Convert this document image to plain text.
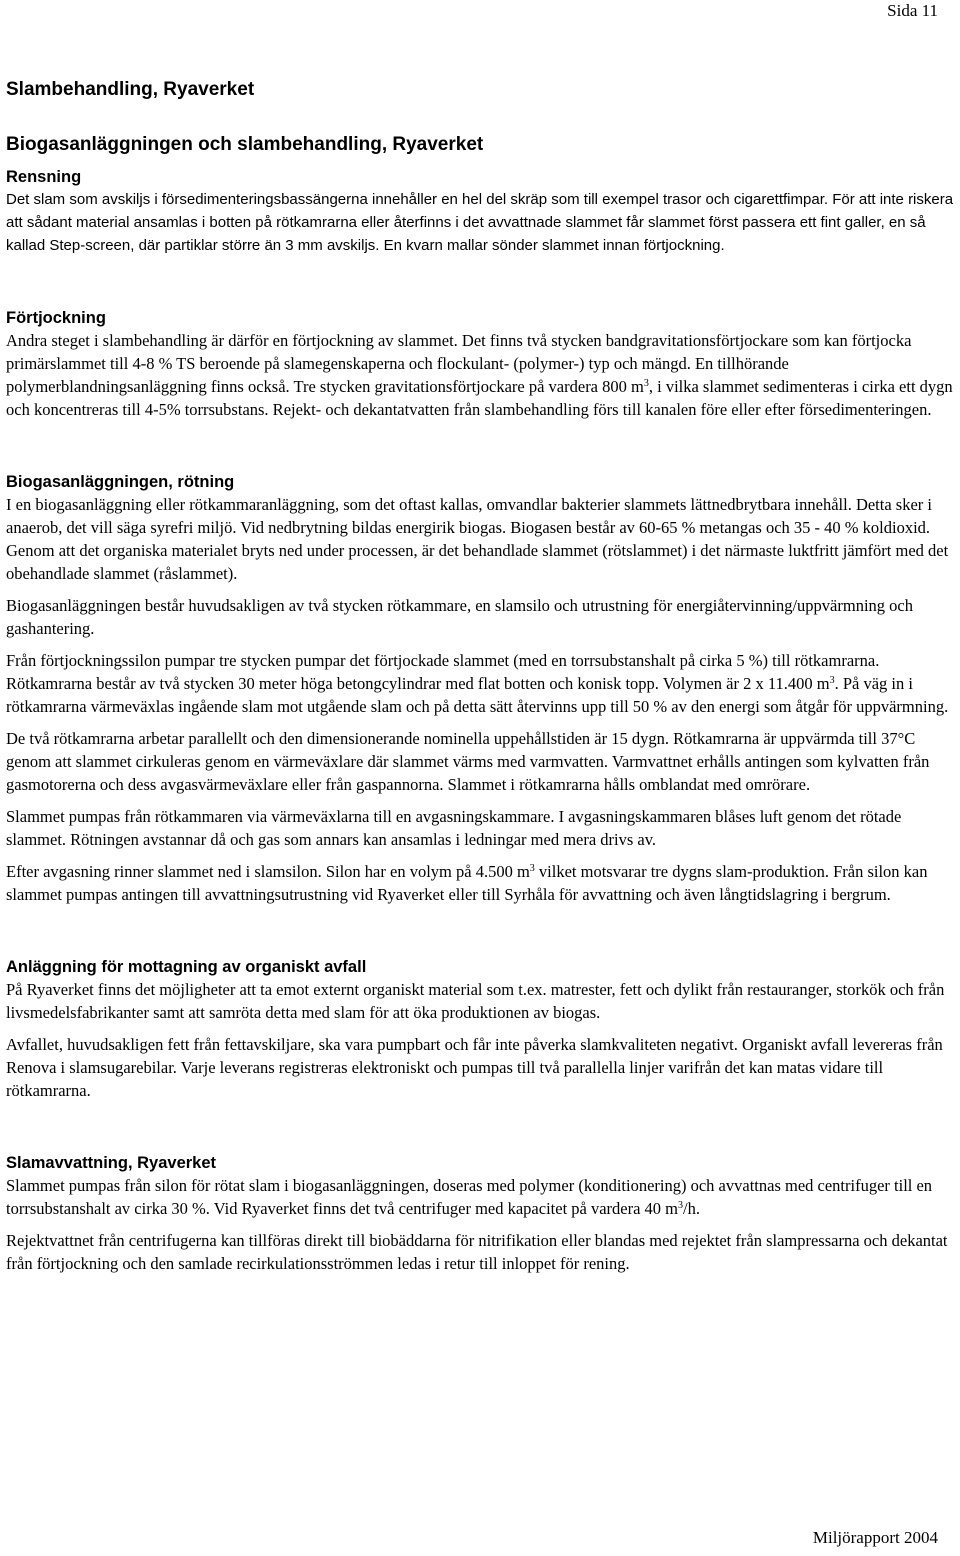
Sida 11
Slambehandling, Ryaverket
Biogasanläggningen och slambehandling, Ryaverket
Rensning

Det slam som avskiljs i försedimenteringsbassängerna innehåller en hel del skräp som till exempel trasor och cigarettfimpar. För att inte riskera att sådant material ansamlas i botten på rötkamrarna eller återfinns i det avvattnade slammet får slammet först passera ett fint galler, en så kallad Step-screen, där partiklar större än 3 mm avskiljs. En kvarn mallar sönder slammet innan förtjockning.

Förtjockning

Andra steget i slambehandling är därför en förtjockning av slammet. Det finns två stycken bandgravitationsförtjockare som kan förtjocka primärslammet till 4-8 % TS beroende på slamegenskaperna och flockulant- (polymer-) typ och mängd. En tillhörande polymerblandningsanläggning finns också. Tre stycken gravitationsförtjockare på vardera 800 $m^3$, i vilka slammet sedimenteras i cirka ett dygn och koncentreras till 4-5% torrsubstans. Rejekt- och dekantatvatten från slambehandling förs till kanalen före eller efter försedimenteringen.

Biogasanläggningen, rötning

I en biogasanläggning eller rötkammaranläggning, som det oftast kallas, omvandlar bakterier slammets lättnedbrytbara innehåll. Detta sker i anaerob, det vill säga syrefri miljö. Vid nedbrytning bildas energirik biogas. Biogasen består av 60-65 % metangas och 35 - 40 % koldioxid. Genom att det organiska materialet bryts ned under processen, är det behandlade slammet (rötslammet) i det närmaste luktfritt jämfört med det obehandlade slammet (råslammet).

Biogasanläggningen består huvudsakligen av två stycken rötkammare, en slamsilo och utrustning för energiåtervinning/uppvärmning och gashantering.

Från förtjockningssilon pumpar tre stycken pumpar det förtjockade slammet (med en torrsubstanshalt på cirka 5 %) till rötkamrarna. Rötkamrarna består av två stycken 30 meter höga betongcylindrar med flat botten och konisk topp. Volymen är 2 x 11.400 $m^3$. På väg in i rötkamrarna värmeväxlas ingående slam mot utgående slam och på detta sätt återvinns upp till 50 % av den energi som åtgår för uppvärmning.

De två rötkamrarna arbetar parallellt och den dimensionerande nominella uppehållstiden är 15 dygn. Rötkamrarna är uppvärmda till 37°C genom att slammet cirkuleras genom en värmeväxlare där slammet värms med varmvatten. Varmvattnet erhålls antingen som kylvatten från gasmotorerna och dess avgasvärmeväxlare eller från gaspannorna. Slammet i rötkamrarna hålls omblandat med omrörare.

Slammet pumpas från rötkammaren via värmeväxlarna till en avgasningskammare. I avgasningskammaren blåses luft genom det rötade slammet. Rötningen avstannar då och gas som annars kan ansamlas i ledningar med mera drivs av.

Efter avgasning rinner slammet ned i slamsilon. Silon har en volym på 4.500 $m^3$ vilket motsvarar tre dygns slam-produktion. Från silon kan slammet pumpas antingen till avvattningsutrustning vid Ryaverket eller till Syrhåla för avvattning och även långtidslagring i bergrum.

Anläggning för mottagning av organiskt avfall

På Ryaverket finns det möjligheter att ta emot externt organiskt material som t.ex. matrester, fett och dylikt från restauranger, storkök och från livsmedelsfabrikanter samt att samröta detta med slam för att öka produktionen av biogas.

Avfallet, huvudsakligen fett från fettavskiljare, ska vara pumpbart och får inte påverka slamkvaliteten negativt. Organiskt avfall levereras från Renova i slamsugarebilar. Varje leverans registreras elektroniskt och pumpas till två parallella linjer varifrån det kan matas vidare till rötkamrarna.

Slamavvattning, Ryaverket

Slammet pumpas från silon för rötat slam i biogasanläggningen, doseras med polymer (konditionering) och avvattnas med centrifuger till en torrsubstanshalt av cirka 30 %. Vid Ryaverket finns det två centrifuger med kapacitet på vardera 40 $m^3/h$.

Rejektvattnet från centrifugerna kan tillföras direkt till biobäddarna för nitrifikation eller blandas med rejektet från slampressarna och dekantat från förtjockning och den samlade recirkulationsströmmen ledas i retur till inloppet för rening.

Miljörapport 2004
